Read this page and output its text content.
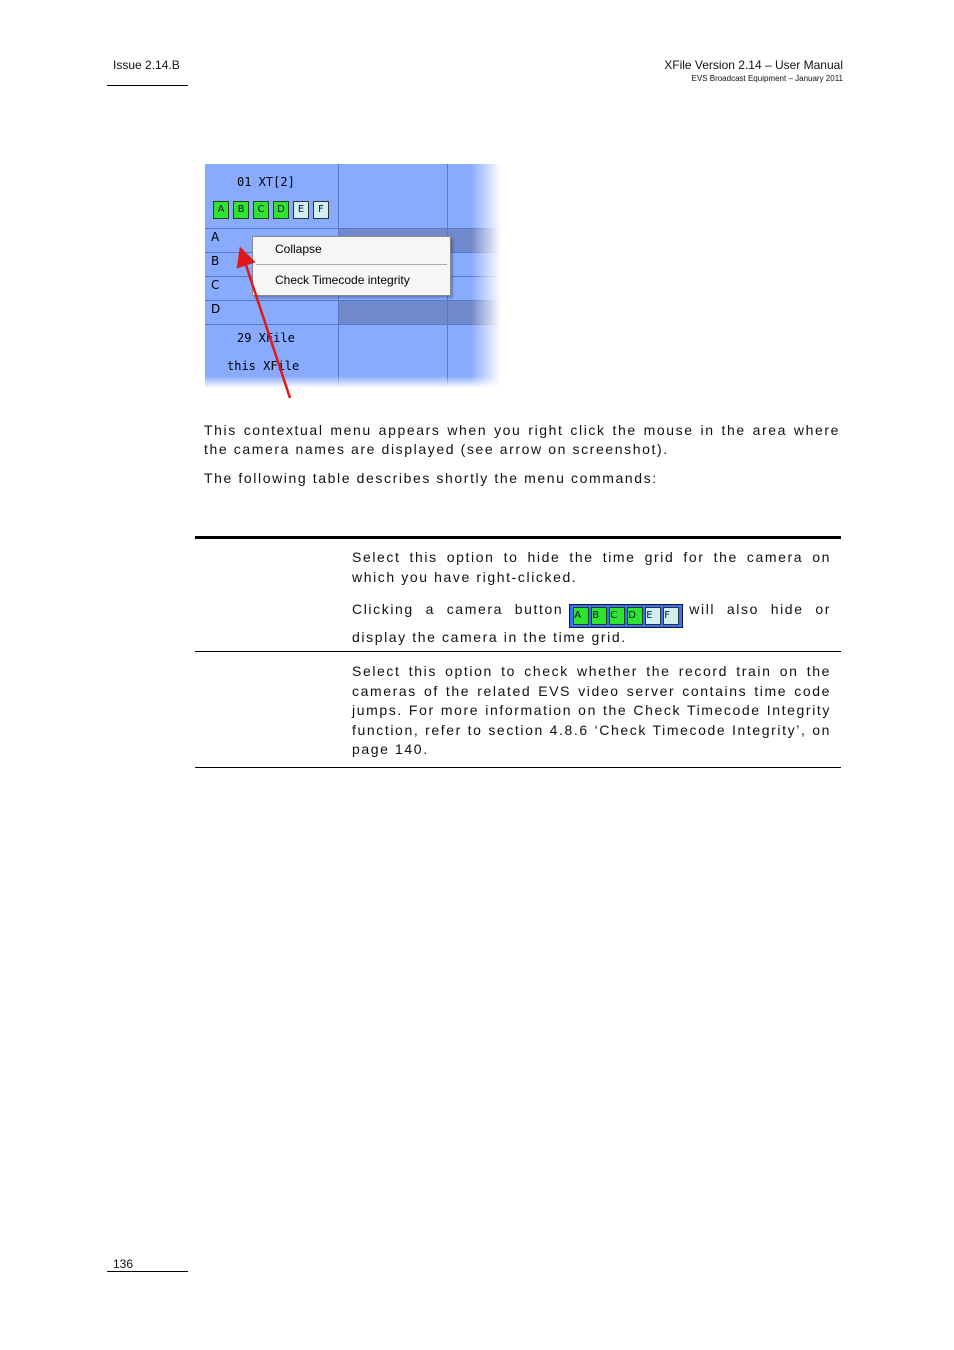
Issue 2.14.B	XFile Version 2.14 – User Manual
EVS Broadcast Equipment – January 2011
01 XT[2]
A	B	C	D	E	F
A
B
C
D
29 XFile
this XFile
Collapse
Check Timecode integrity
This contextual menu appears when you right click the mouse in the area where the camera names are displayed (see arrow on screenshot).
The following table describes shortly the menu commands:
Select this option to hide the time grid for the camera on which you have right-clicked.
Clicking a camera button A	B	C	D	E	F	will also hide or display the camera in the time grid.
Select this option to check whether the record train on the cameras of the related EVS video server contains time code jumps. For more information on the Check Timecode Integrity function, refer to section 4.8.6 ‘Check Timecode Integrity’, on page 140.
136
